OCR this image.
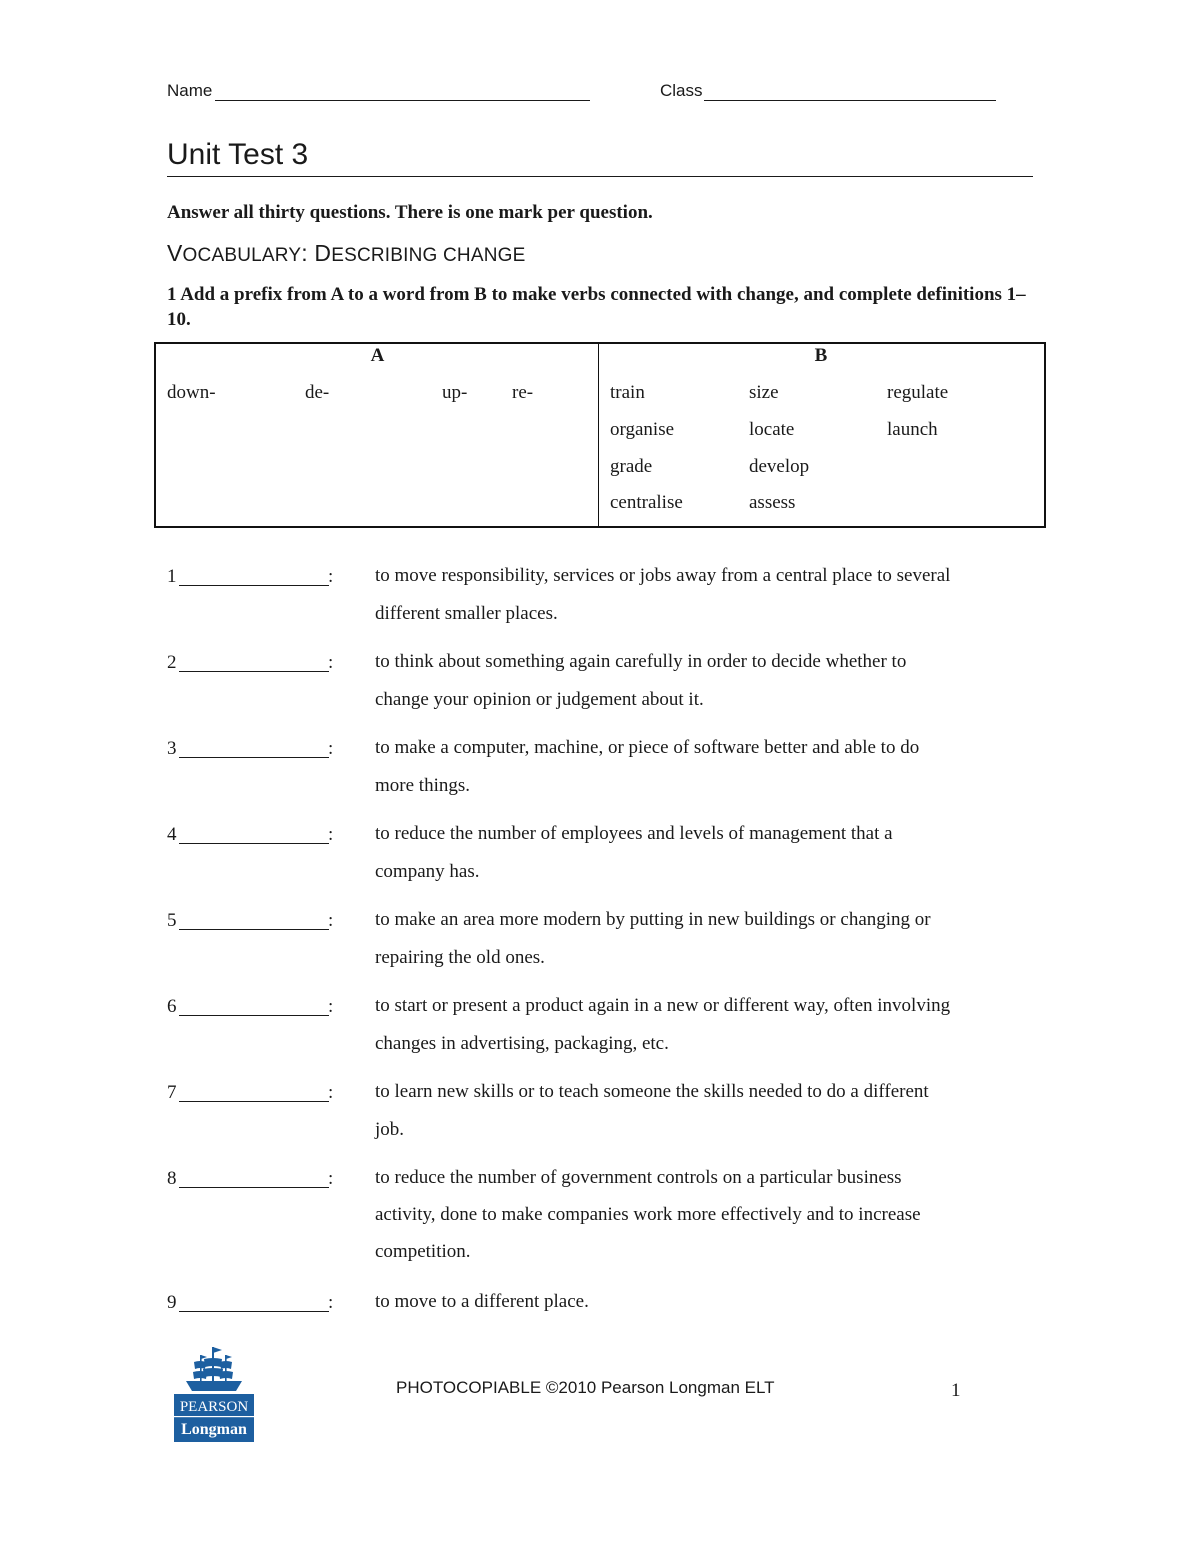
Name	Class
Unit Test 3
Answer all thirty questions. There is one mark per question.
VOCABULARY: DESCRIBING CHANGE
1 Add a prefix from A to a word from B to make verbs connected with change, and complete definitions 1–10.
A	B
down-	de-	up- re-	train	size	regulate
organise	locate	launch
grade	develop
centralise	assess
1	: to move responsibility, services or jobs away from a central place to several
different smaller places.
2	: to think about something again carefully in order to decide whether to
change your opinion or judgement about it.
3	: to make a computer, machine, or piece of software better and able to do
more things.
4	: to reduce the number of employees and levels of management that a
company has.
5	: to make an area more modern by putting in new buildings or changing or
repairing the old ones.
6	: to start or present a product again in a new or different way, often involving
changes in advertising, packaging, etc.
7	: to learn new skills or to teach someone the skills needed to do a different
job.
8	: to reduce the number of government controls on a particular business
activity, done to make companies work more effectively and to increase
competition.
9	: to move to a different place.
PEARSON
Longman
PHOTOCOPIABLE ©2010 Pearson Longman ELT	1
